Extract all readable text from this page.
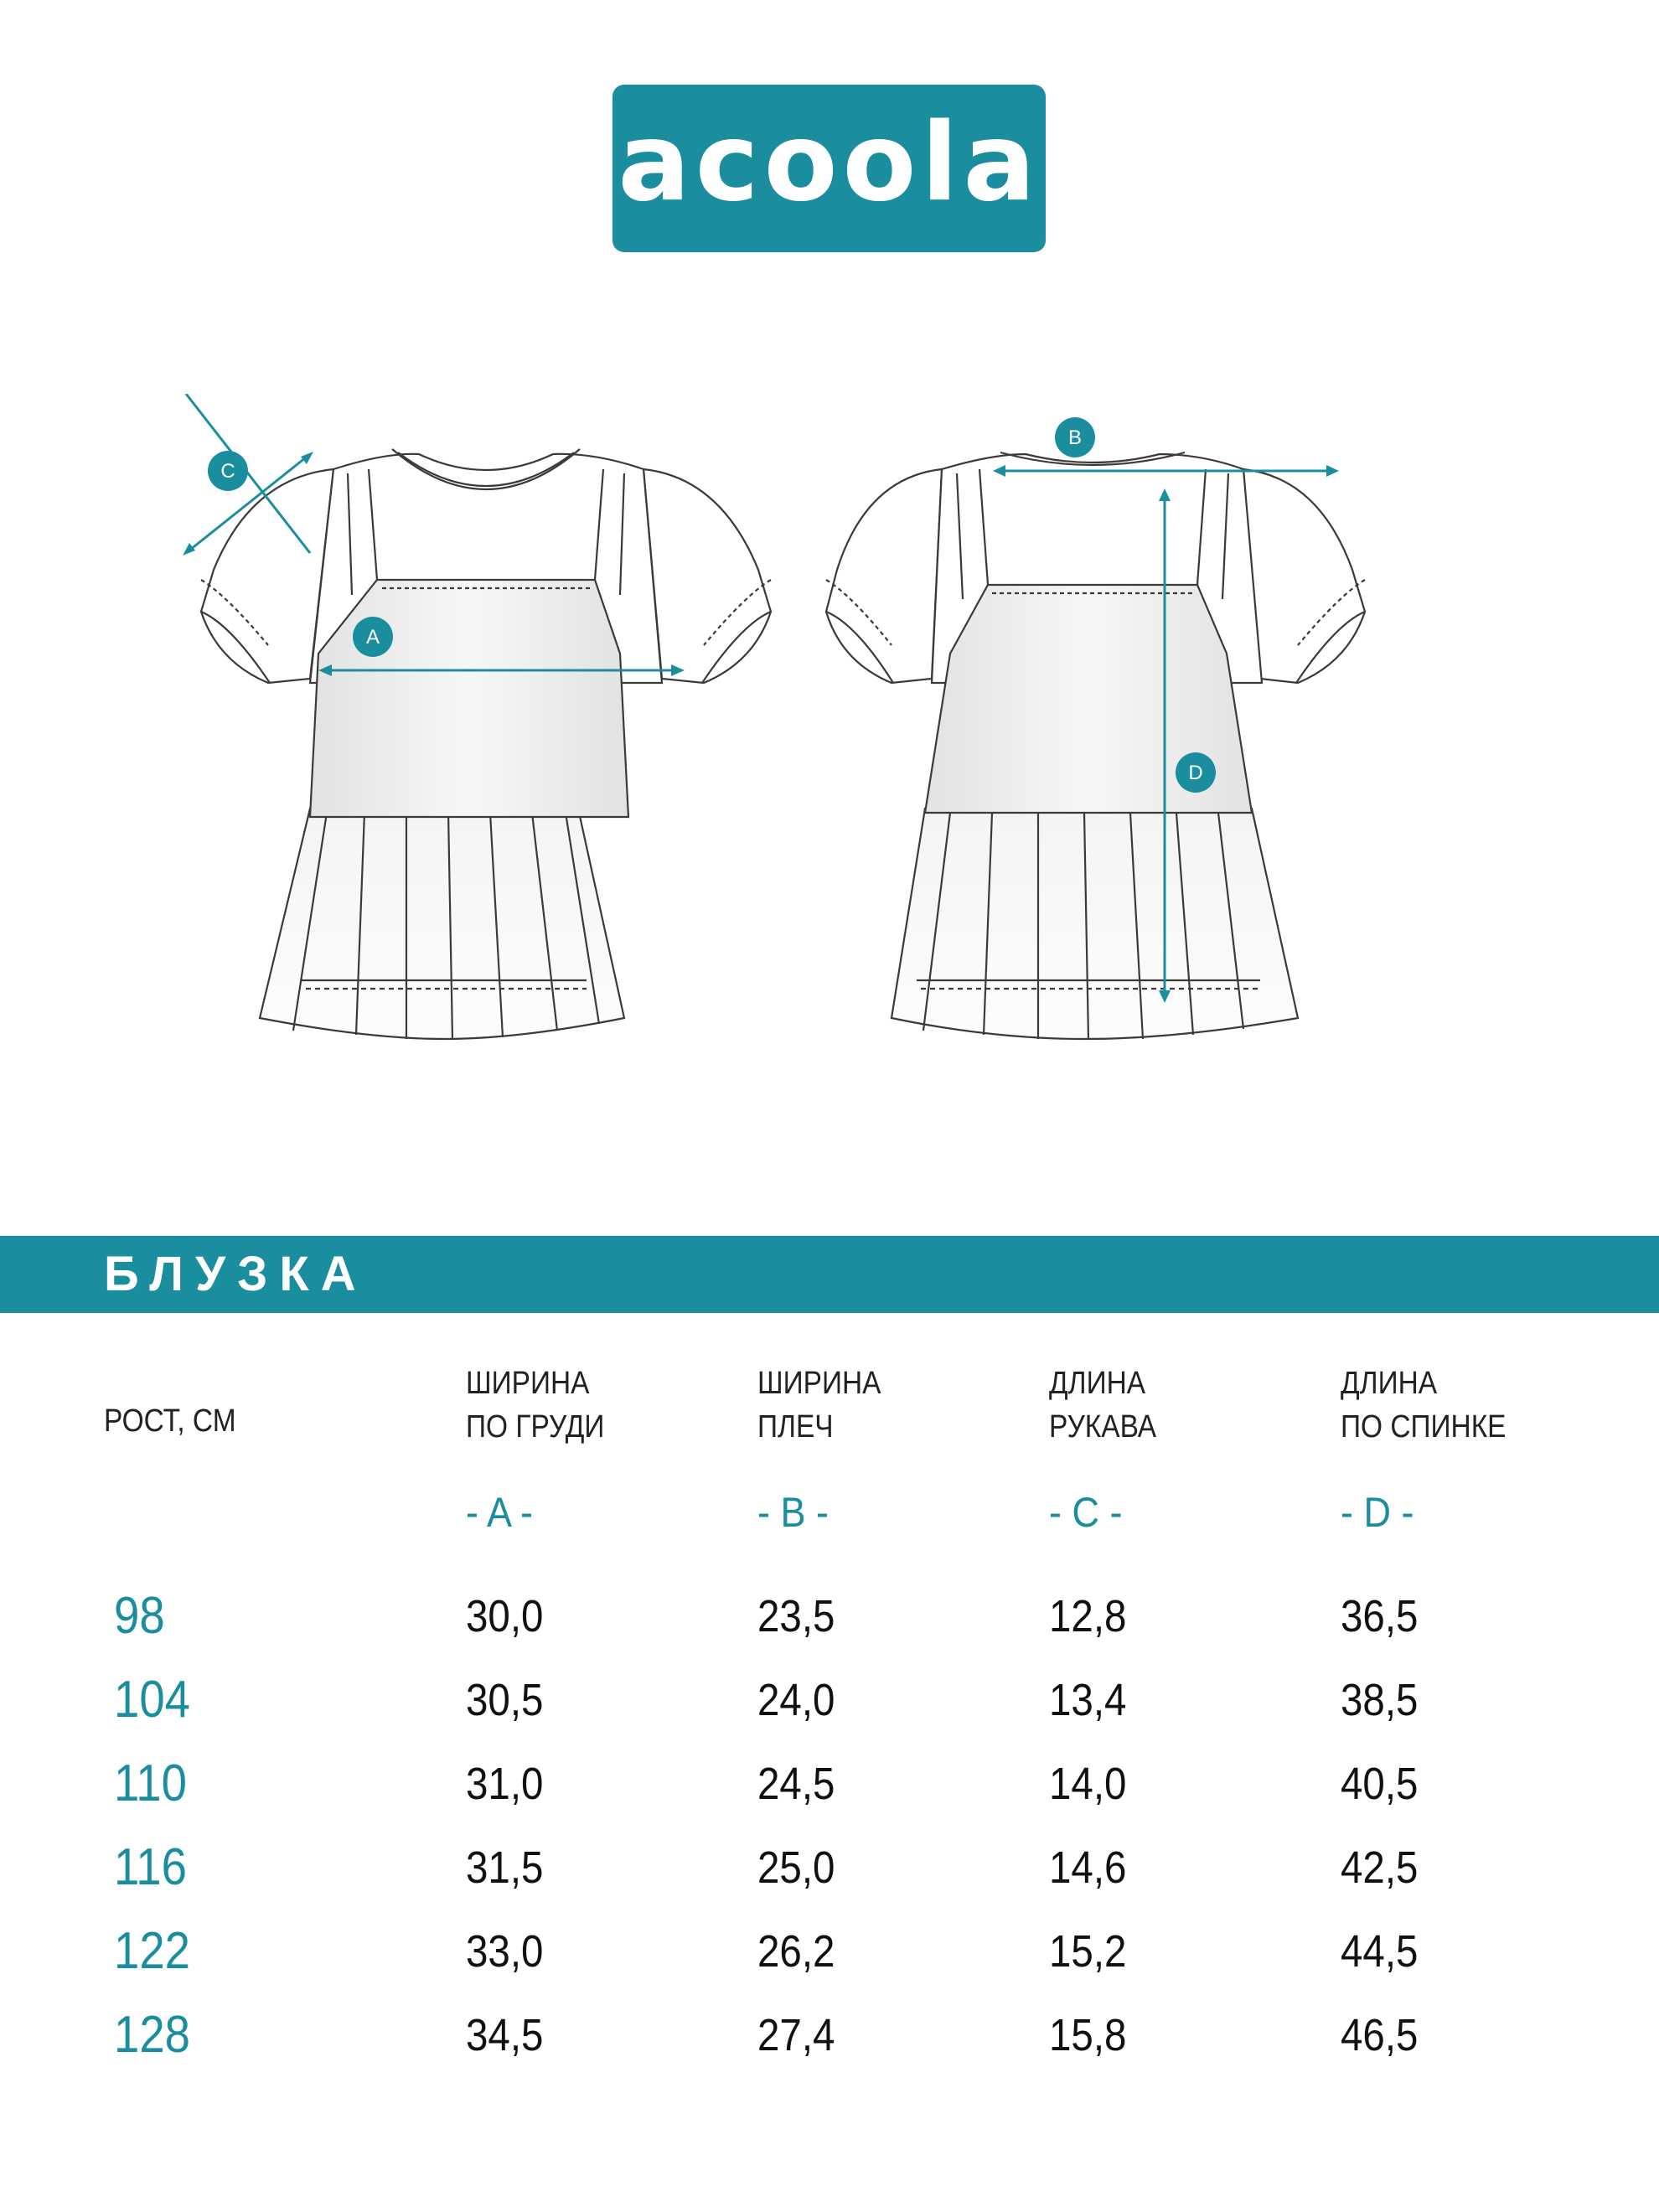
acoola
A
C
B
D
БЛУЗКА
РОСТ, СМ
ШИРИНА
ПО ГРУДИ
- A -
ШИРИНА
ПЛЕЧ
- B -
ДЛИНА
РУКАВА
- C -
ДЛИНА
ПО СПИНКЕ
- D -
98	30,0	23,5	12,8	36,5
104	30,5	24,0	13,4	38,5
110	31,0	24,5	14,0	40,5
116	31,5	25,0	14,6	42,5
122	33,0	26,2	15,2	44,5
128	34,5	27,4	15,8	46,5
